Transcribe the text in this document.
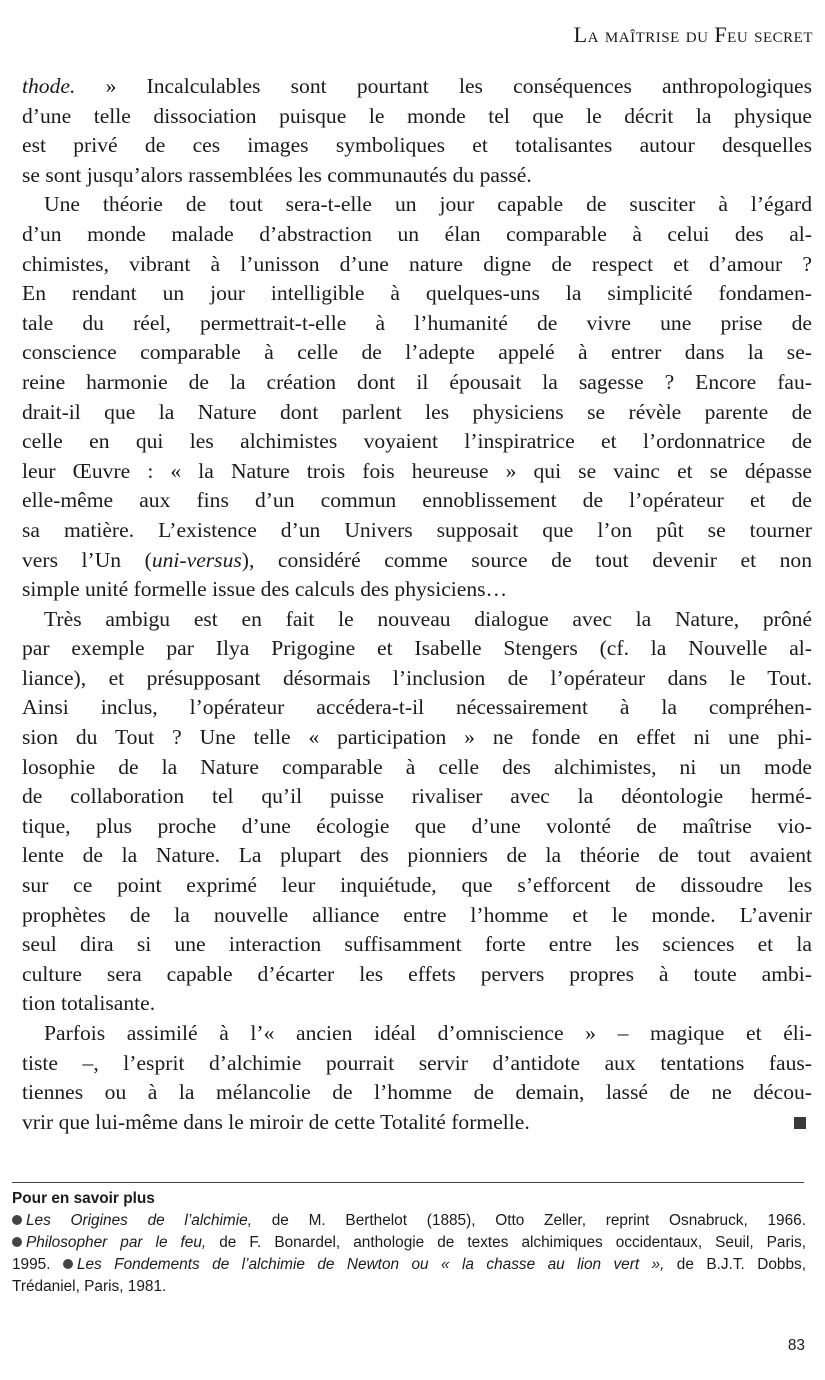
La maîtrise du Feu secret
thode. » Incalculables sont pourtant les conséquences anthropologiques
d’une telle dissociation puisque le monde tel que le décrit la physique
est privé de ces images symboliques et totalisantes autour desquelles
se sont jusqu’alors rassemblées les communautés du passé.
Une théorie de tout sera-t-elle un jour capable de susciter à l’égard
d’un monde malade d’abstraction un élan comparable à celui des al-
chimistes, vibrant à l’unisson d’une nature digne de respect et d’amour ?
En rendant un jour intelligible à quelques-uns la simplicité fondamen-
tale du réel, permettrait-t-elle à l’humanité de vivre une prise de
conscience comparable à celle de l’adepte appelé à entrer dans la se-
reine harmonie de la création dont il épousait la sagesse ? Encore fau-
drait-il que la Nature dont parlent les physiciens se révèle parente de
celle en qui les alchimistes voyaient l’inspiratrice et l’ordonnatrice de
leur Œuvre : « la Nature trois fois heureuse » qui se vainc et se dépasse
elle-même aux fins d’un commun ennoblissement de l’opérateur et de
sa matière. L’existence d’un Univers supposait que l’on pût se tourner
vers l’Un (uni-versus), considéré comme source de tout devenir et non
simple unité formelle issue des calculs des physiciens…
Très ambigu est en fait le nouveau dialogue avec la Nature, prôné
par exemple par Ilya Prigogine et Isabelle Stengers (cf. la Nouvelle al-
liance), et présupposant désormais l’inclusion de l’opérateur dans le Tout.
Ainsi inclus, l’opérateur accédera-t-il nécessairement à la compréhen-
sion du Tout ? Une telle « participation » ne fonde en effet ni une phi-
losophie de la Nature comparable à celle des alchimistes, ni un mode
de collaboration tel qu’il puisse rivaliser avec la déontologie hermé-
tique, plus proche d’une écologie que d’une volonté de maîtrise vio-
lente de la Nature. La plupart des pionniers de la théorie de tout avaient
sur ce point exprimé leur inquiétude, que s’efforcent de dissoudre les
prophètes de la nouvelle alliance entre l’homme et le monde. L’avenir
seul dira si une interaction suffisamment forte entre les sciences et la
culture sera capable d’écarter les effets pervers propres à toute ambi-
tion totalisante.
Parfois assimilé à l’« ancien idéal d’omniscience » – magique et éli-
tiste –, l’esprit d’alchimie pourrait servir d’antidote aux tentations faus-
tiennes ou à la mélancolie de l’homme de demain, lassé de ne décou-
vrir que lui-même dans le miroir de cette Totalité formelle.
Pour en savoir plus
Les Origines de l’alchimie, de M. Berthelot (1885), Otto Zeller, reprint Osnabruck, 1966.
Philosopher par le feu, de F. Bonardel, anthologie de textes alchimiques occidentaux, Seuil, Paris,
1995. Les Fondements de l’alchimie de Newton ou « la chasse au lion vert », de B.J.T. Dobbs,
Trédaniel, Paris, 1981.
83
